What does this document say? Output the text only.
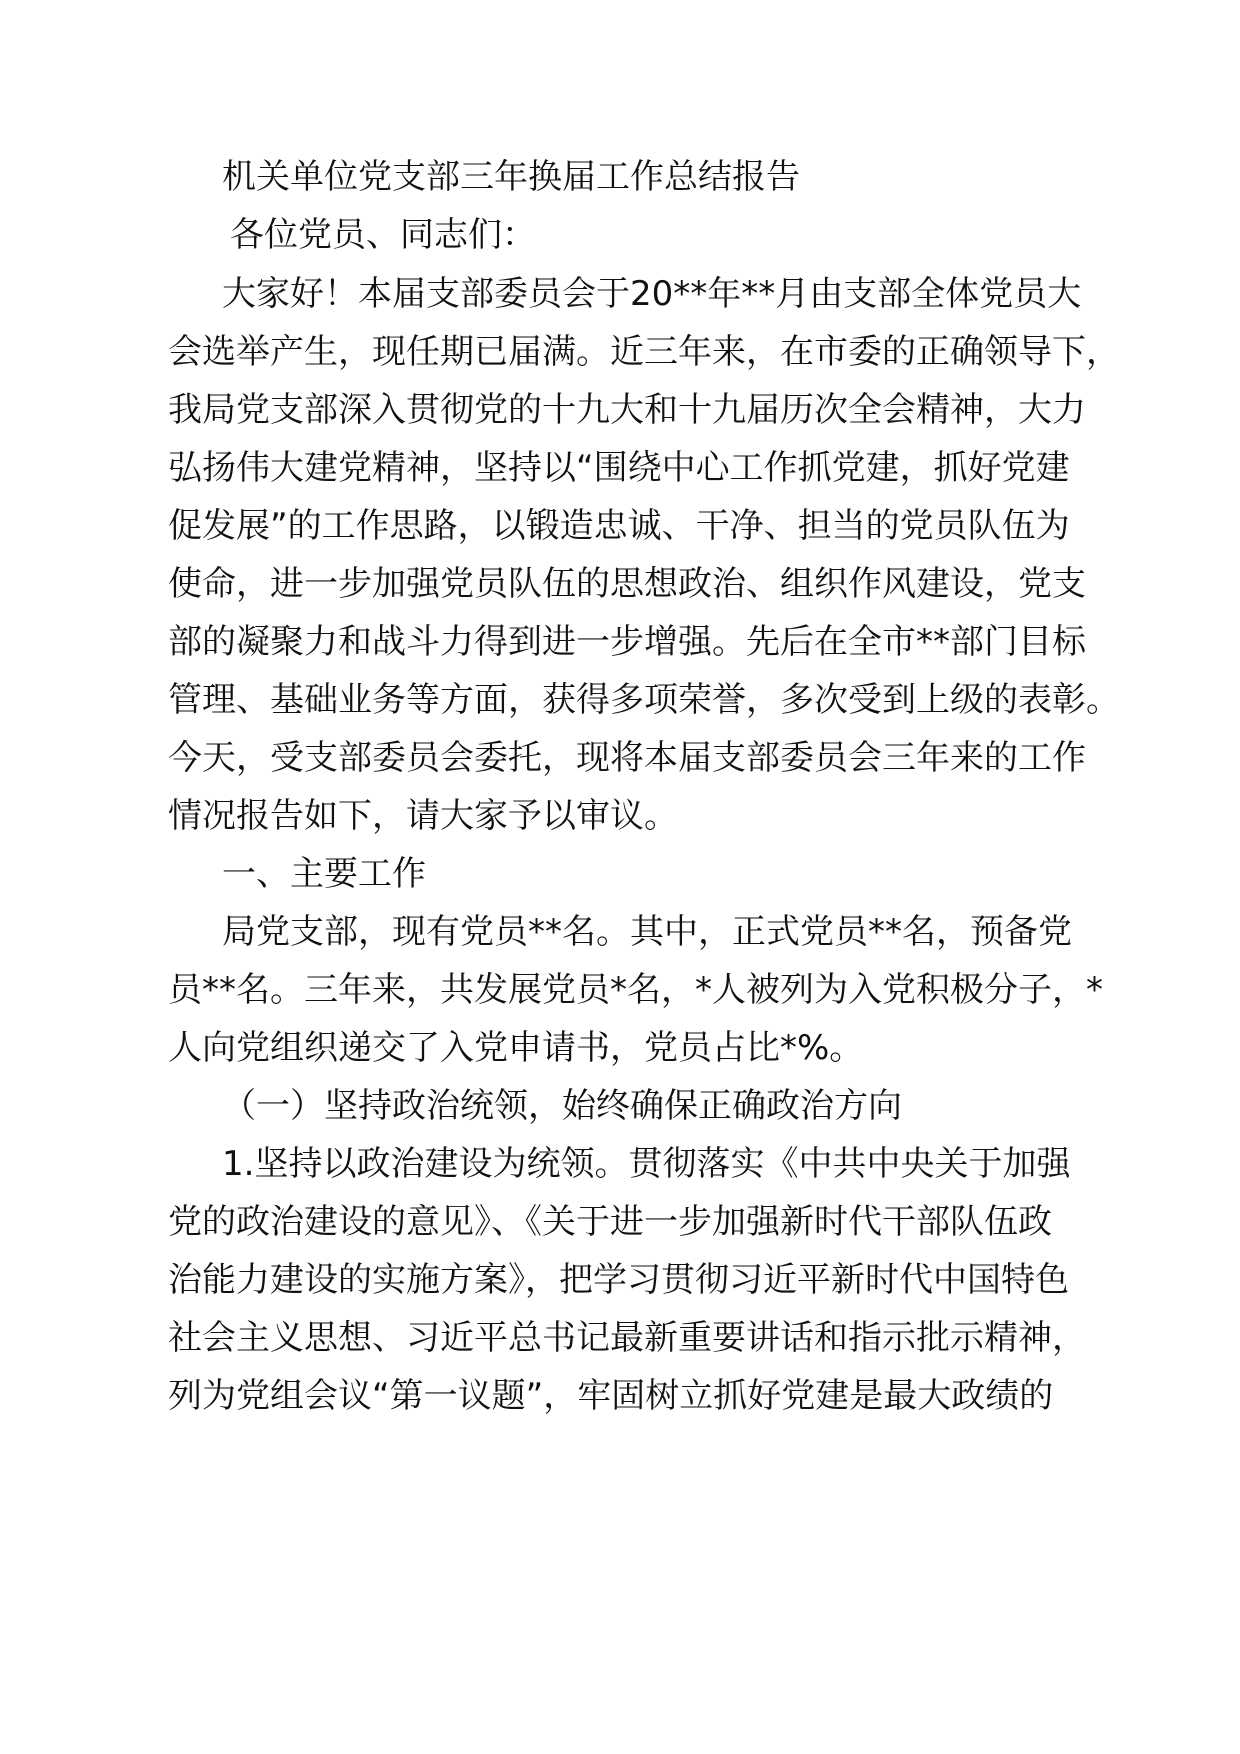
机关单位党支部三年换届工作总结报告

各位党员、同志们：

大家好！本届支部委员会于20**年**月由支部全体党员大

会选举产生，现任期已届满。近三年来，在市委的正确领导下，

我局党支部深入贯彻党的十九大和十九届历次全会精神，大力

弘扬伟大建党精神，坚持以“围绕中心工作抓党建，抓好党建

促发展”的工作思路，以锻造忠诚、干净、担当的党员队伍为

使命，进一步加强党员队伍的思想政治、组织作风建设，党支

部的凝聚力和战斗力得到进一步增强。先后在全市**部门目标

管理、基础业务等方面，获得多项荣誉，多次受到上级的表彰。

今天，受支部委员会委托，现将本届支部委员会三年来的工作

情况报告如下，请大家予以审议。

一、主要工作

局党支部，现有党员**名。其中，正式党员**名，预备党

员**名。三年来，共发展党员*名，*人被列为入党积极分子，*

人向党组织递交了入党申请书，党员占比*%。

（一）坚持政治统领，始终确保正确政治方向

1.坚持以政治建设为统领。贯彻落实《中共中央关于加强

党的政治建设的意见》、《关于进一步加强新时代干部队伍政

治能力建设的实施方案》，把学习贯彻习近平新时代中国特色

社会主义思想、习近平总书记最新重要讲话和指示批示精神，

列为党组会议“第一议题”，牢固树立抓好党建是最大政绩的
